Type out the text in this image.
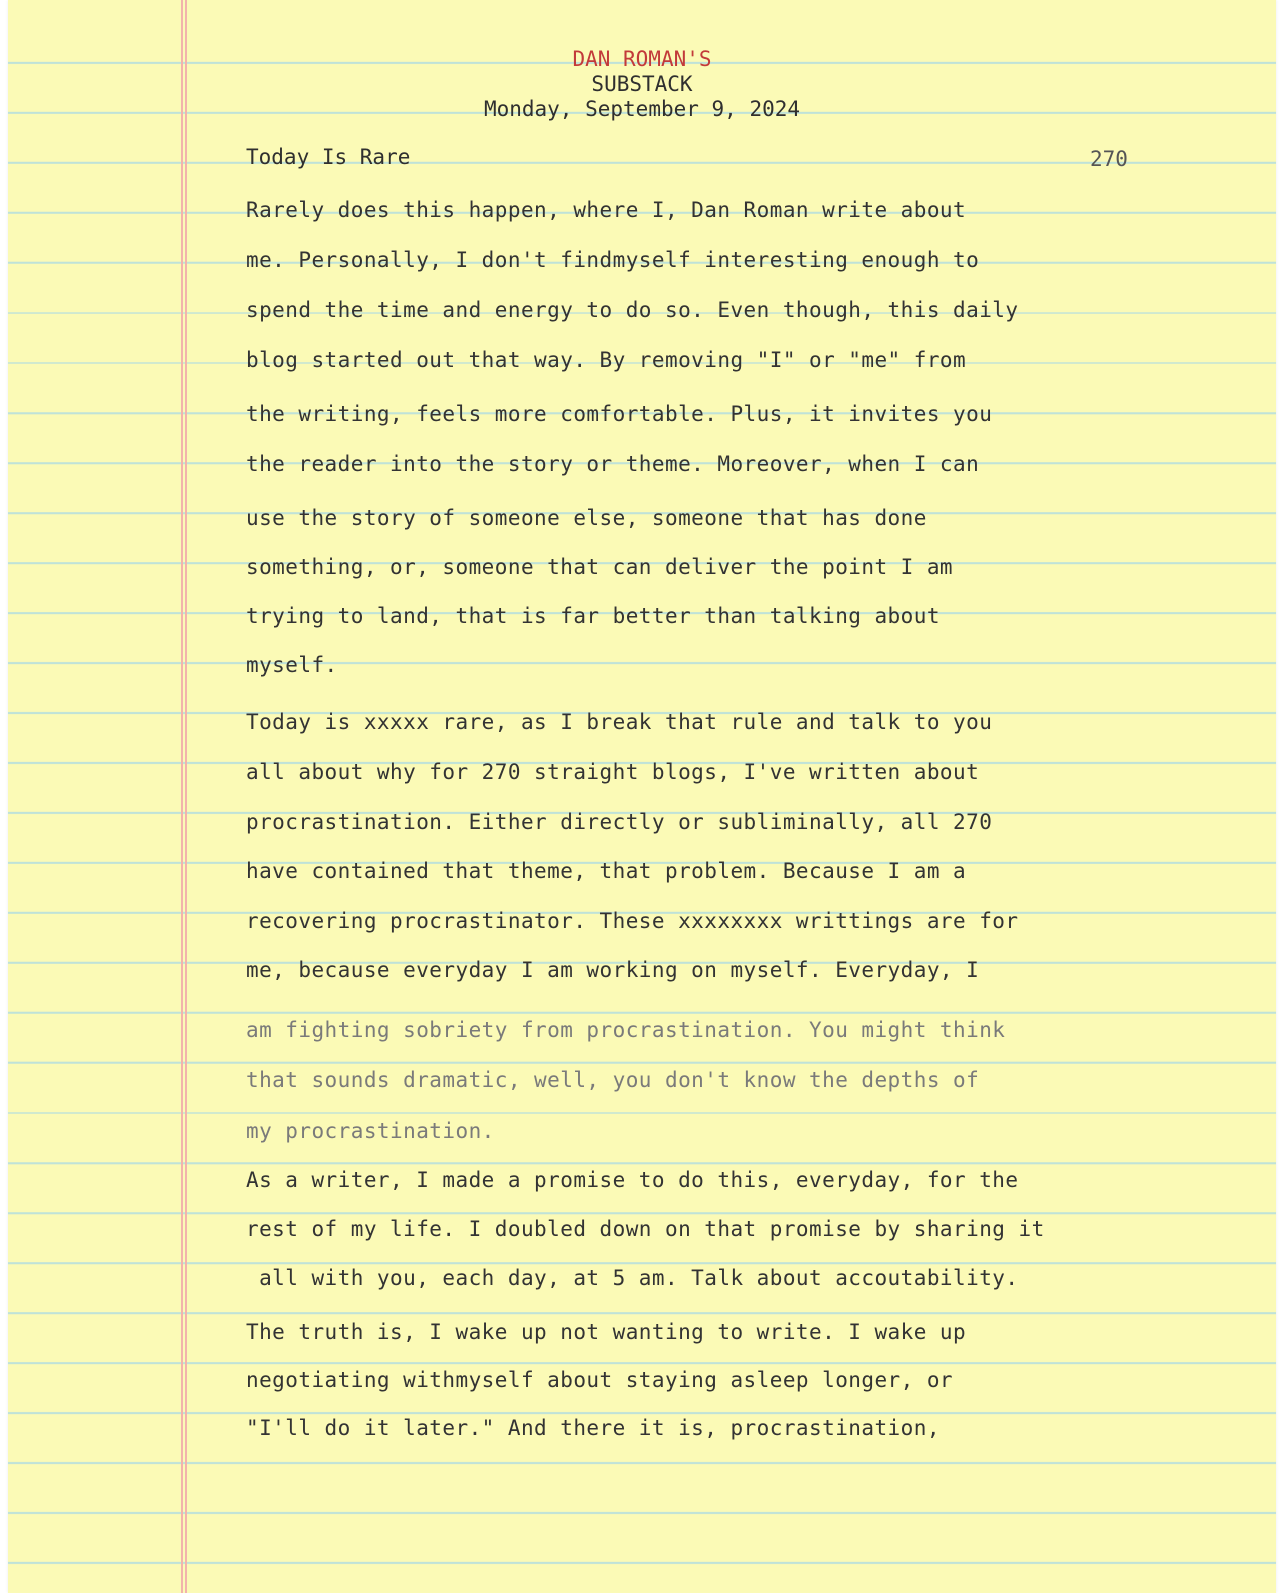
DAN ROMAN'S
SUBSTACK
Monday, September 9, 2024
Today Is Rare	270
Rarely does this happen, where I, Dan Roman write about
me. Personally, I don't findmyself interesting enough to
spend the time and energy to do so. Even though, this daily
blog started out that way. By removing "I" or "me" from
the writing, feels more comfortable. Plus, it invites you
the reader into the story or theme. Moreover, when I can
use the story of someone else, someone that has done
something, or, someone that can deliver the point I am
trying to land, that is far better than talking about
myself.
Today is xxxxx rare, as I break that rule and talk to you
all about why for 270 straight blogs, I've written about
procrastination. Either directly or subliminally, all 270
have contained that theme, that problem. Because I am a
recovering procrastinator. These xxxxxxxx writtings are for
me, because everyday I am working on myself. Everyday, I
am fighting sobriety from procrastination. You might think
that sounds dramatic, well, you don't know the depths of
my procrastination.
As a writer, I made a promise to do this, everyday, for the
rest of my life. I doubled down on that promise by sharing it
all with you, each day, at 5 am. Talk about accoutability.
The truth is, I wake up not wanting to write. I wake up
negotiating withmyself about staying asleep longer, or
"I'll do it later." And there it is, procrastination,
